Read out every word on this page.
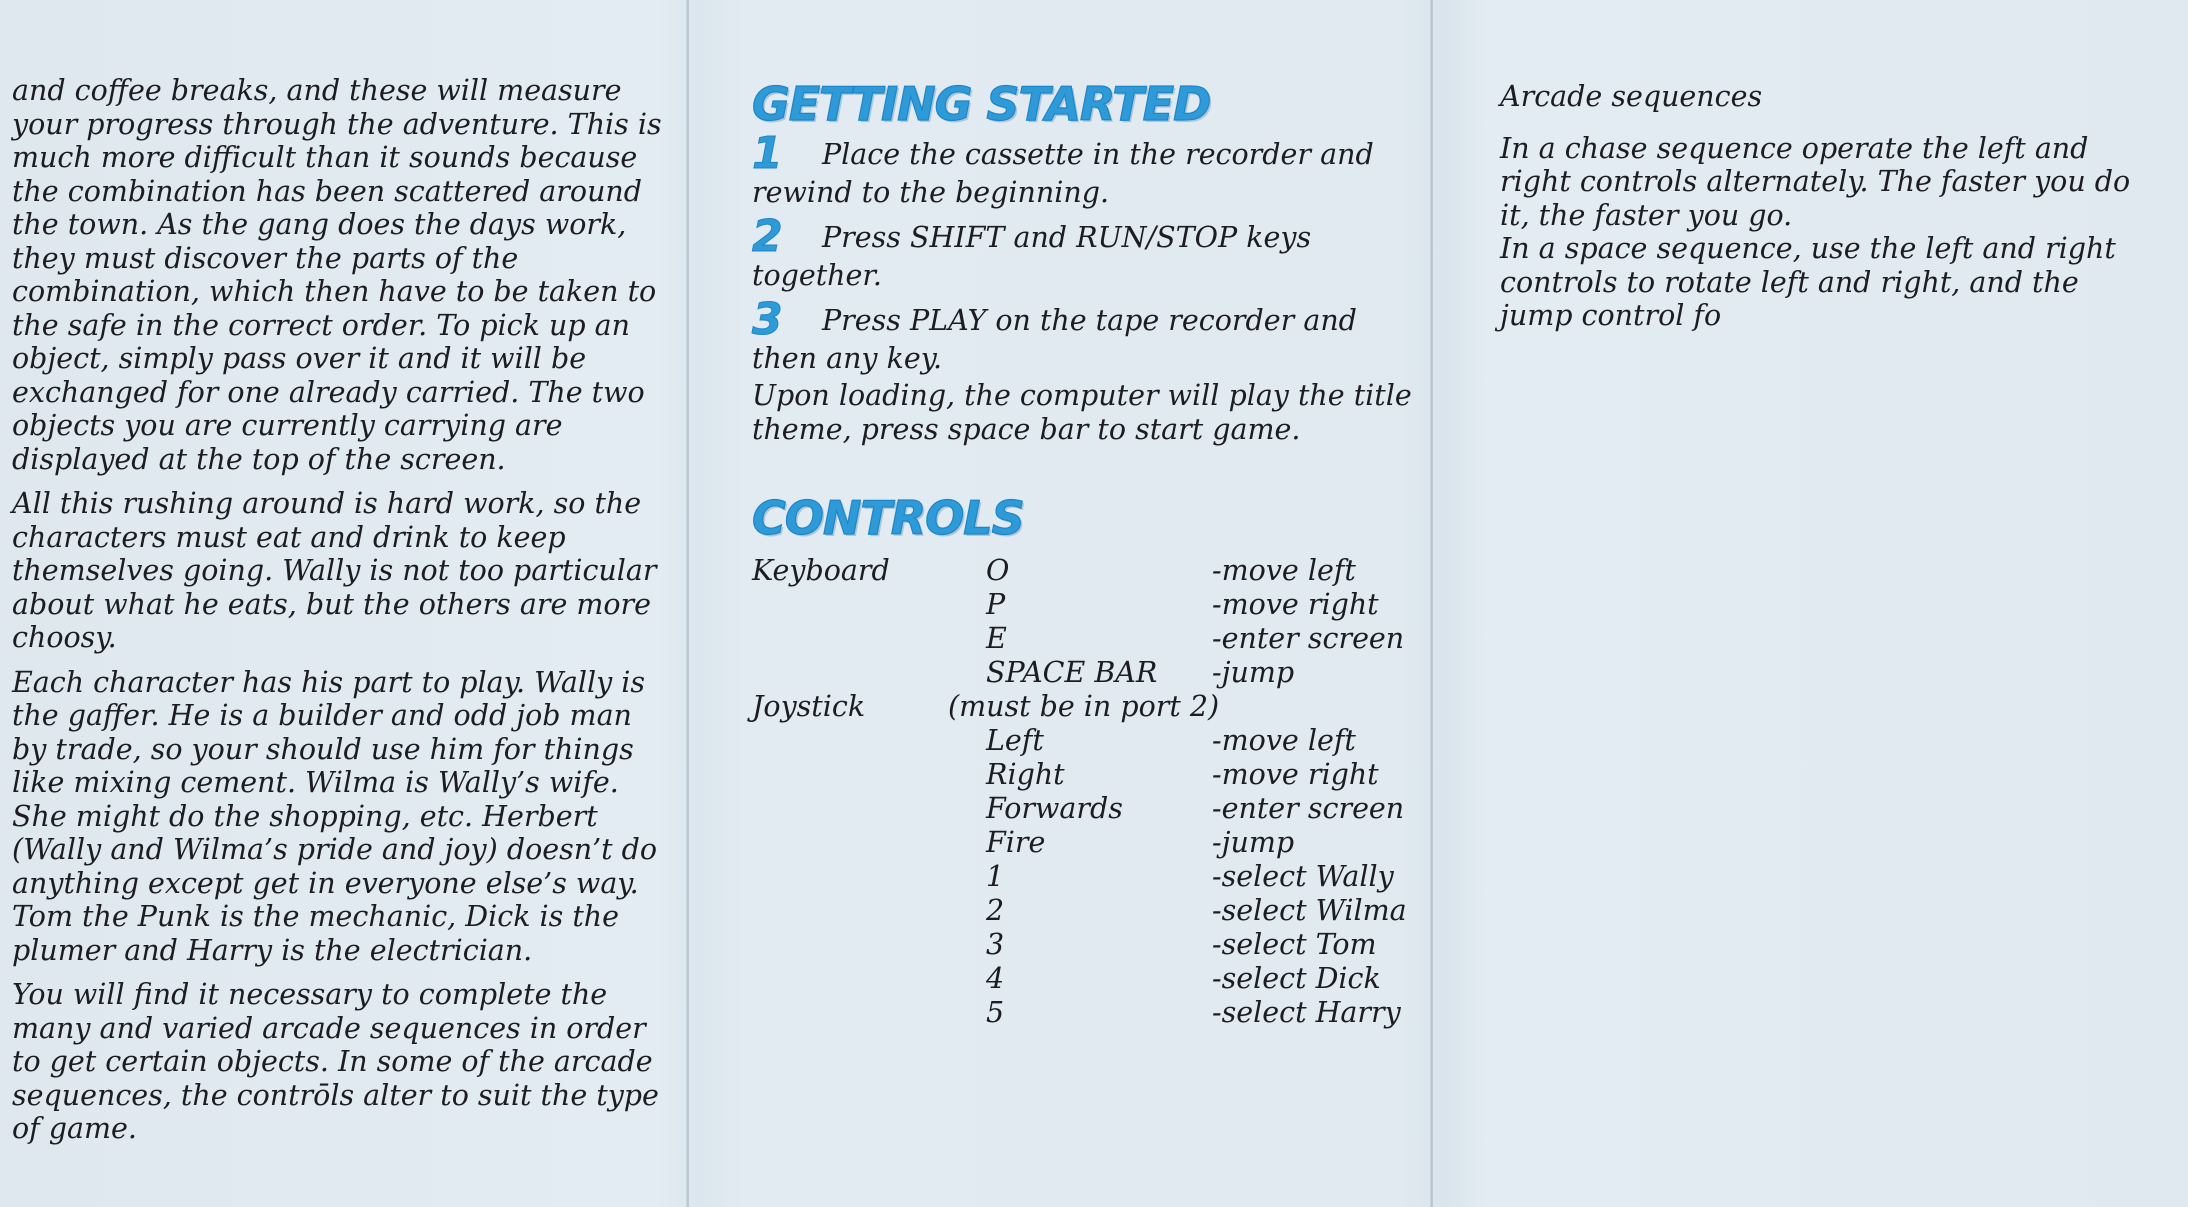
and coffee breaks, and these will measure your progress through the adventure. This is much more difficult than it sounds because the combination has been scattered around the town. As the gang does the days work, they must discover the parts of the combination, which then have to be taken to the safe in the correct order. To pick up an object, simply pass over it and it will be exchanged for one already carried. The two objects you are currently carrying are displayed at the top of the screen.

All this rushing around is hard work, so the characters must eat and drink to keep themselves going. Wally is not too particular about what he eats, but the others are more choosy.

Each character has his part to play. Wally is the gaffer. He is a builder and odd job man by trade, so your should use him for things like mixing cement. Wilma is Wally’s wife. She might do the shopping, etc. Herbert (Wally and Wilma’s pride and joy) doesn’t do anything except get in everyone else’s way. Tom the Punk is the mechanic, Dick is the plumer and Harry is the electrician.

You will find it necessary to complete the many and varied arcade sequences in order to get certain objects. In some of the arcade sequences, the contrōls alter to suit the type of game.

GETTING STARTED
1 Place the cassette in the recorder and rewind to the beginning.
2 Press SHIFT and RUN/STOP keys together.
3 Press PLAY on the tape recorder and then any key.

Upon loading, the computer will play the title theme, press space bar to start game.

CONTROLS
Keyboard	O	-move left
P	-move right
E	-enter screen
SPACE BAR -jump
Joystick	(must be in port 2)
Left	-move left
Right	-move right
Forwards	-enter screen
Fire	-jump
1	-select Wally
2	-select Wilma
3	-select Tom
4	-select Dick
5	-select Harry

Arcade sequences

In a chase sequence operate the left and right controls alternately. The faster you do it, the faster you go.

In a space sequence, use the left and right controls to rotate left and right, and the jump control fo
